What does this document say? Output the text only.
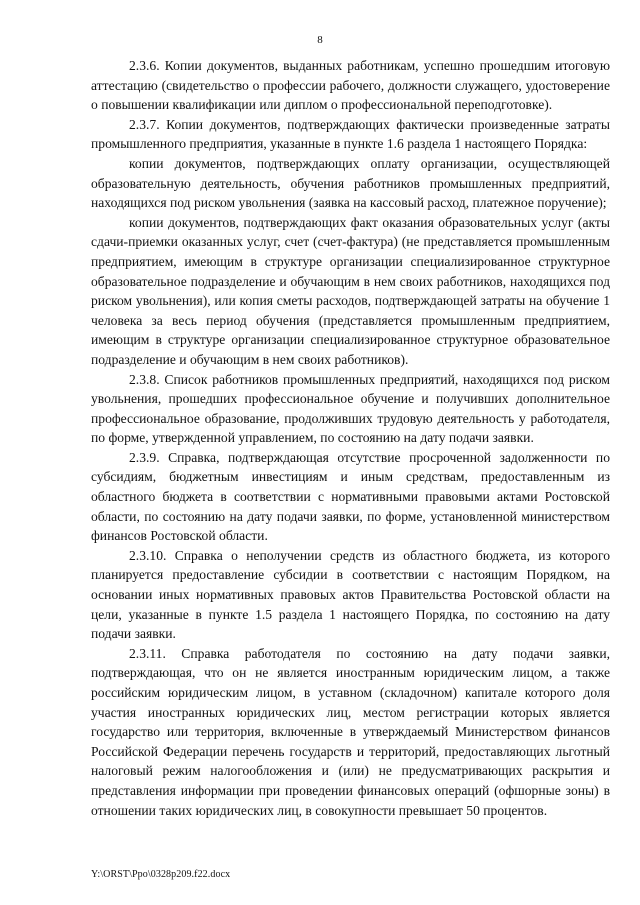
8

2.3.6. Копии документов, выданных работникам, успешно прошедшим итоговую аттестацию (свидетельство о профессии рабочего, должности служащего, удостоверение о повышении квалификации или диплом о профессиональной переподготовке).

2.3.7. Копии документов, подтверждающих фактически произведенные затраты промышленного предприятия, указанные в пункте 1.6 раздела 1 настоящего Порядка:

копии документов, подтверждающих оплату организации, осуществляющей образовательную деятельность, обучения работников промышленных предприятий, находящихся под риском увольнения (заявка на кассовый расход, платежное поручение);

копии документов, подтверждающих факт оказания образовательных услуг (акты сдачи-приемки оказанных услуг, счет (счет-фактура) (не представляется промышленным предприятием, имеющим в структуре организации специализированное структурное образовательное подразделение и обучающим в нем своих работников, находящихся под риском увольнения), или копия сметы расходов, подтверждающей затраты на обучение 1 человека за весь период обучения (представляется промышленным предприятием, имеющим в структуре организации специализированное структурное образовательное подразделение и обучающим в нем своих работников).

2.3.8. Список работников промышленных предприятий, находящихся под риском увольнения, прошедших профессиональное обучение и получивших дополнительное профессиональное образование, продолживших трудовую деятельность у работодателя, по форме, утвержденной управлением, по состоянию на дату подачи заявки.

2.3.9. Справка, подтверждающая отсутствие просроченной задолженности по субсидиям, бюджетным инвестициям и иным средствам, предоставленным из областного бюджета в соответствии с нормативными правовыми актами Ростовской области, по состоянию на дату подачи заявки, по форме, установленной министерством финансов Ростовской области.

2.3.10. Справка о неполучении средств из областного бюджета, из которого планируется предоставление субсидии в соответствии с настоящим Порядком, на основании иных нормативных правовых актов Правительства Ростовской области на цели, указанные в пункте 1.5 раздела 1 настоящего Порядка, по состоянию на дату подачи заявки.

2.3.11. Справка работодателя по состоянию на дату подачи заявки, подтверждающая, что он не является иностранным юридическим лицом, а также российским юридическим лицом, в уставном (складочном) капитале которого доля участия иностранных юридических лиц, местом регистрации которых является государство или территория, включенные в утверждаемый Министерством финансов Российской Федерации перечень государств и территорий, предоставляющих льготный налоговый режим налогообложения и (или) не предусматривающих раскрытия и представления информации при проведении финансовых операций (офшорные зоны) в отношении таких юридических лиц, в совокупности превышает 50 процентов.

Y:\ORST\Ppo\0328p209.f22.docx
